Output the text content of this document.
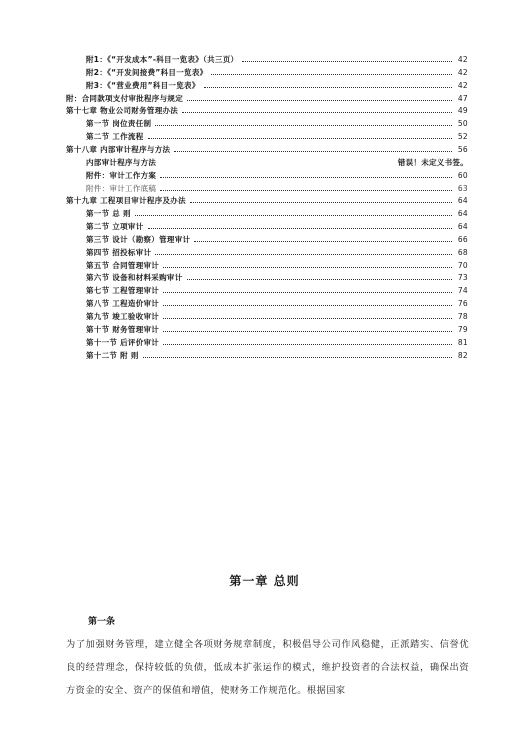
附1：《“开发成本”-科目一览表》（共三页）	42
附2：《“开发间接费”科目一览表》	42
附3：《“营业费用”科目一览表》	42
附：合同款项支付审批程序与规定	47
第十七章 物业公司财务管理办法	49
第一节 岗位责任制	50
第二节 工作流程	52
第十八章 内部审计程序与方法	56
内部审计程序与方法	错误！未定义书签。
附件：审计工作方案	60
附件：审计工作底稿	63
第十九章 工程项目审计程序及办法	64
第一节 总 则	64
第二节 立项审计	64
第三节 设计（勘察）管理审计	66
第四节 招投标审计	68
第五节 合同管理审计	70
第六节 设备和材料采购审计	73
第七节 工程管理审计	74
第八节 工程造价审计	76
第九节 竣工验收审计	78
第十节 财务管理审计	79
第十一节 后评价审计	81
第十二节 附 则	82
第一章 总则
第一条
为了加强财务管理，建立健全各项财务规章制度，积极倡导公司作风稳健，正派踏实、信誉优良的经营理念，保持较低的负债，低成本扩张运作的模式，维护投资者的合法权益，确保出资方资金的安全、资产的保值和增值，使财务工作规范化。根据国家
